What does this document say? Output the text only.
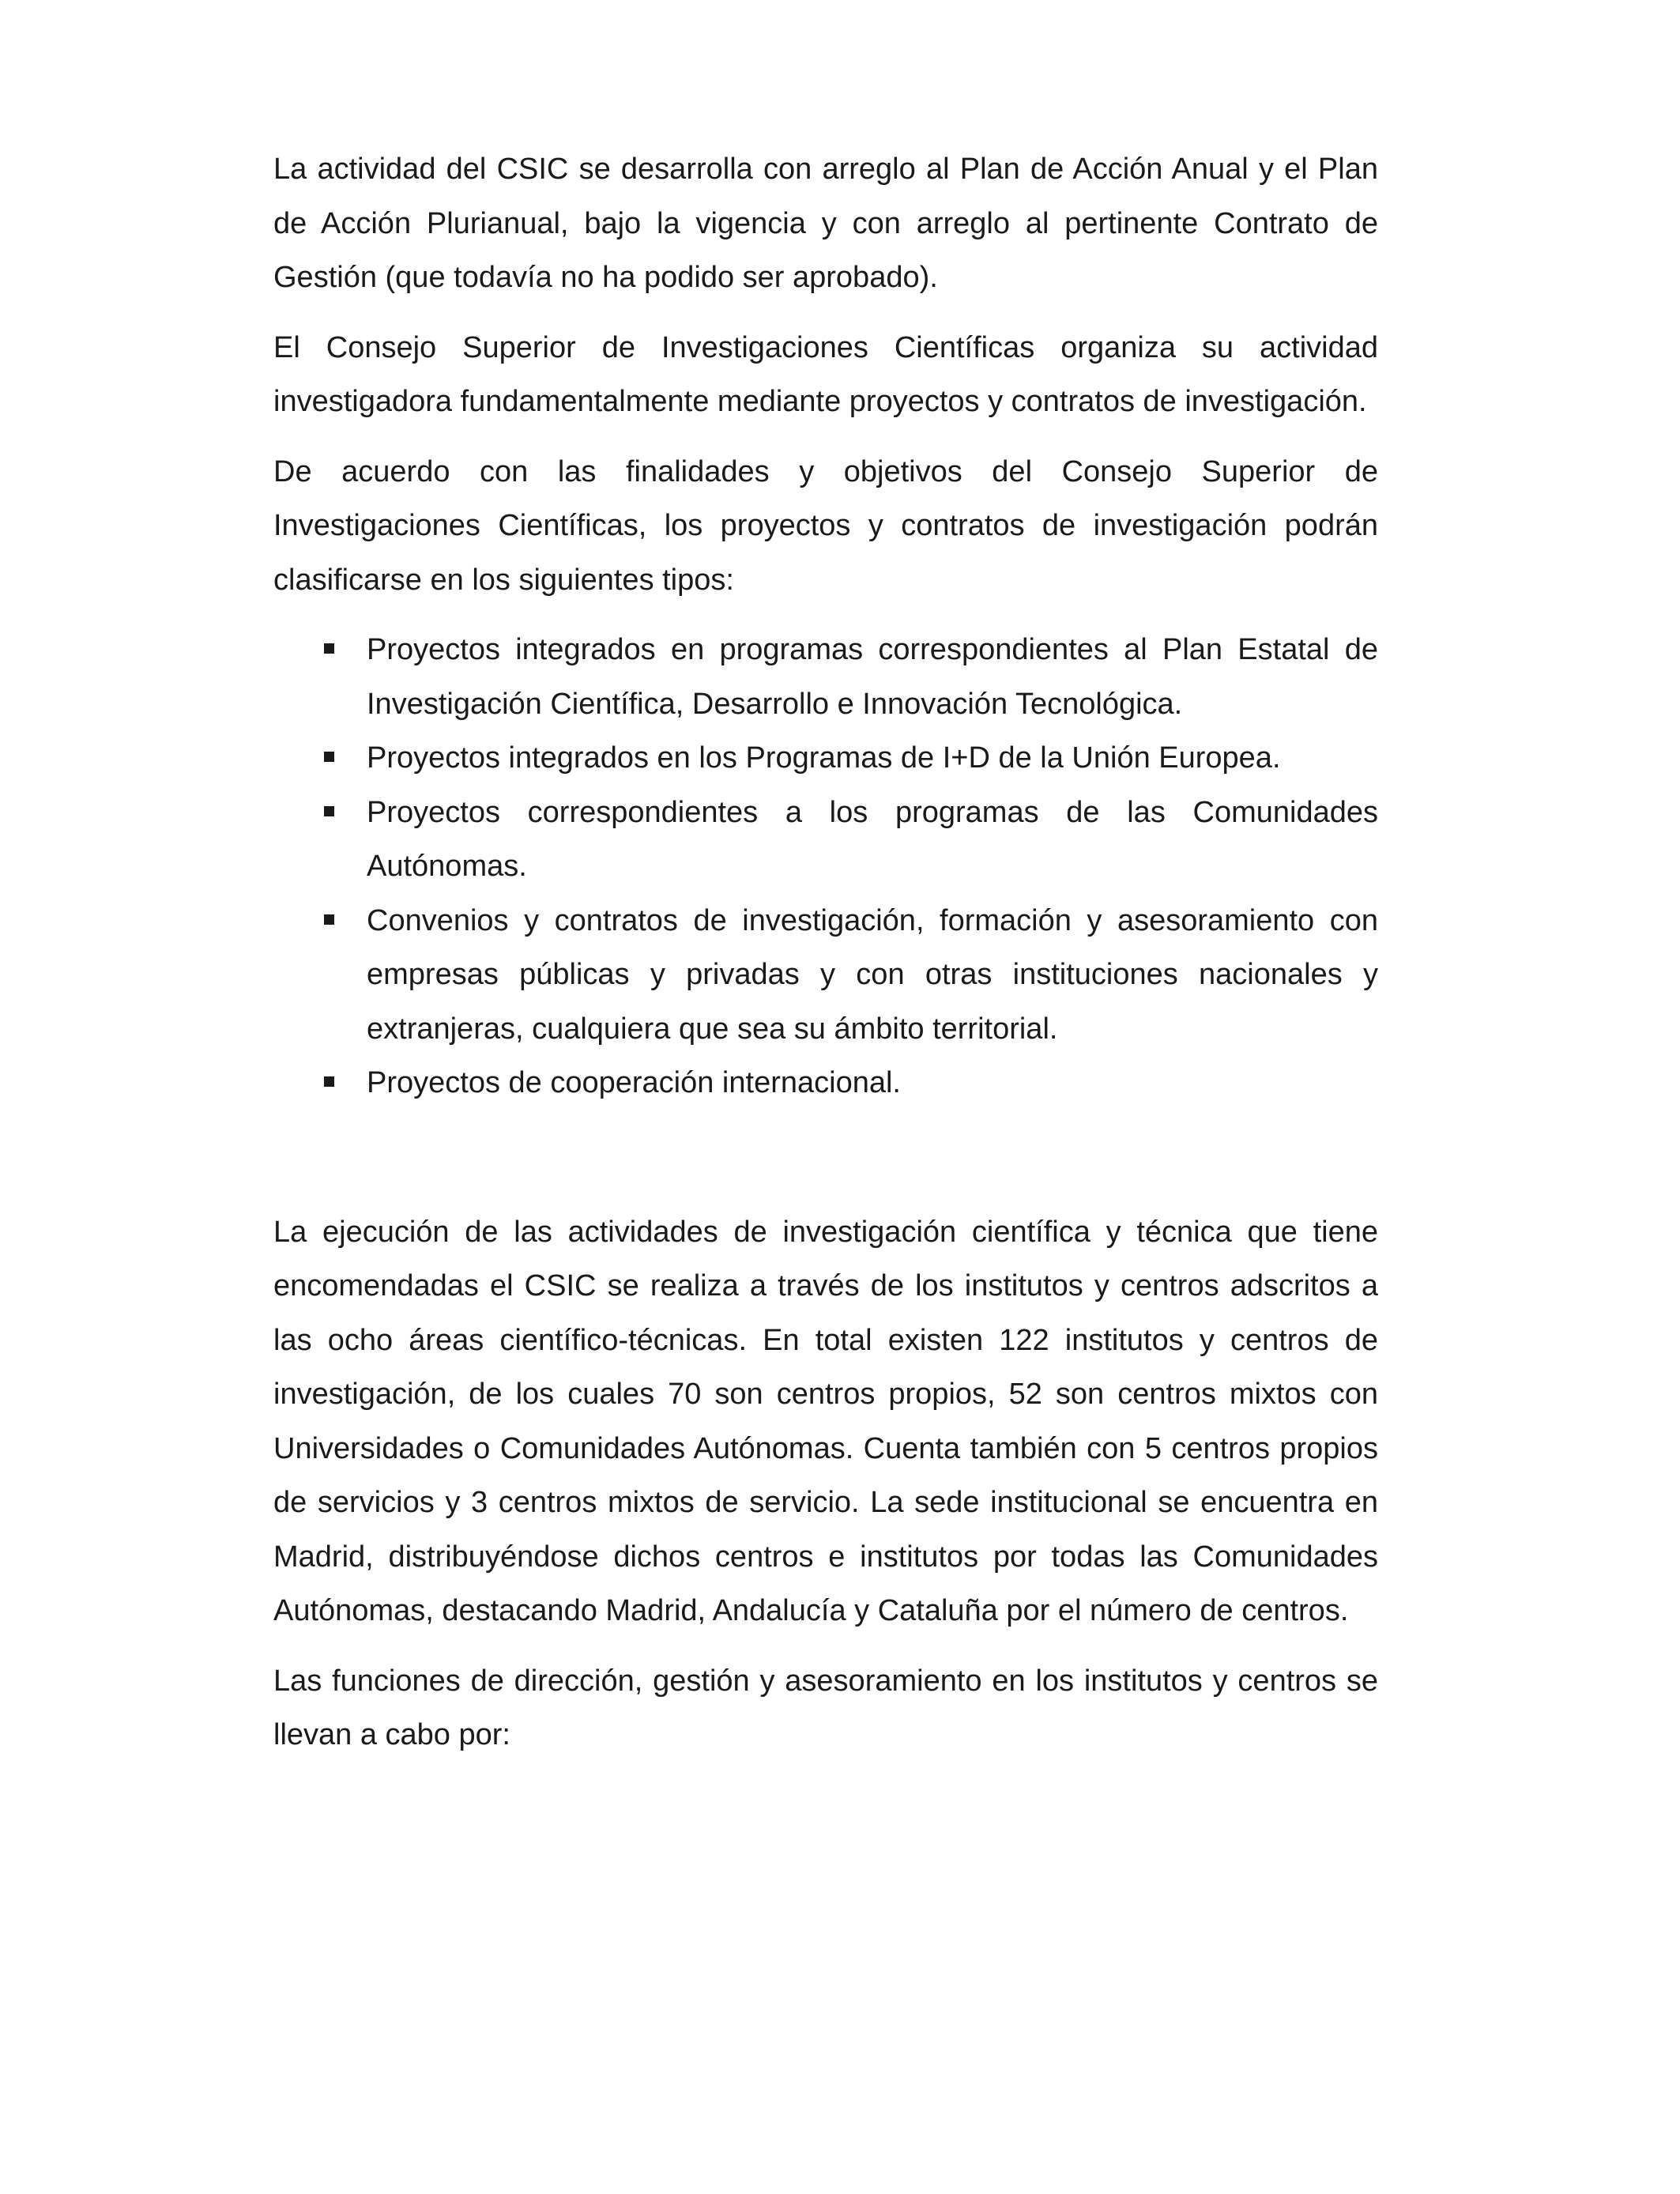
La actividad del CSIC se desarrolla con arreglo al Plan de Acción Anual y el Plan de Acción Plurianual, bajo la vigencia y con arreglo al pertinente Contrato de Gestión (que todavía no ha podido ser aprobado).

El Consejo Superior de Investigaciones Científicas organiza su actividad investigadora fundamentalmente mediante proyectos y contratos de investigación.

De acuerdo con las finalidades y objetivos del Consejo Superior de Investigaciones Científicas, los proyectos y contratos de investigación podrán clasificarse en los siguientes tipos:

Proyectos integrados en programas correspondientes al Plan Estatal de Investigación Científica, Desarrollo e Innovación Tecnológica.
Proyectos integrados en los Programas de I+D de la Unión Europea.
Proyectos correspondientes a los programas de las Comunidades Autónomas.
Convenios y contratos de investigación, formación y asesoramiento con empresas públicas y privadas y con otras instituciones nacionales y extranjeras, cualquiera que sea su ámbito territorial.
Proyectos de cooperación internacional.

La ejecución de las actividades de investigación científica y técnica que tiene encomendadas el CSIC se realiza a través de los institutos y centros adscritos a las ocho áreas científico-técnicas. En total existen 122 institutos y centros de investigación, de los cuales 70 son centros propios, 52 son centros mixtos con Universidades o Comunidades Autónomas. Cuenta también con 5 centros propios de servicios y 3 centros mixtos de servicio. La sede institucional se encuentra en Madrid, distribuyéndose dichos centros e institutos por todas las Comunidades Autónomas, destacando Madrid, Andalucía y Cataluña por el número de centros.

Las funciones de dirección, gestión y asesoramiento en los institutos y centros se llevan a cabo por:
